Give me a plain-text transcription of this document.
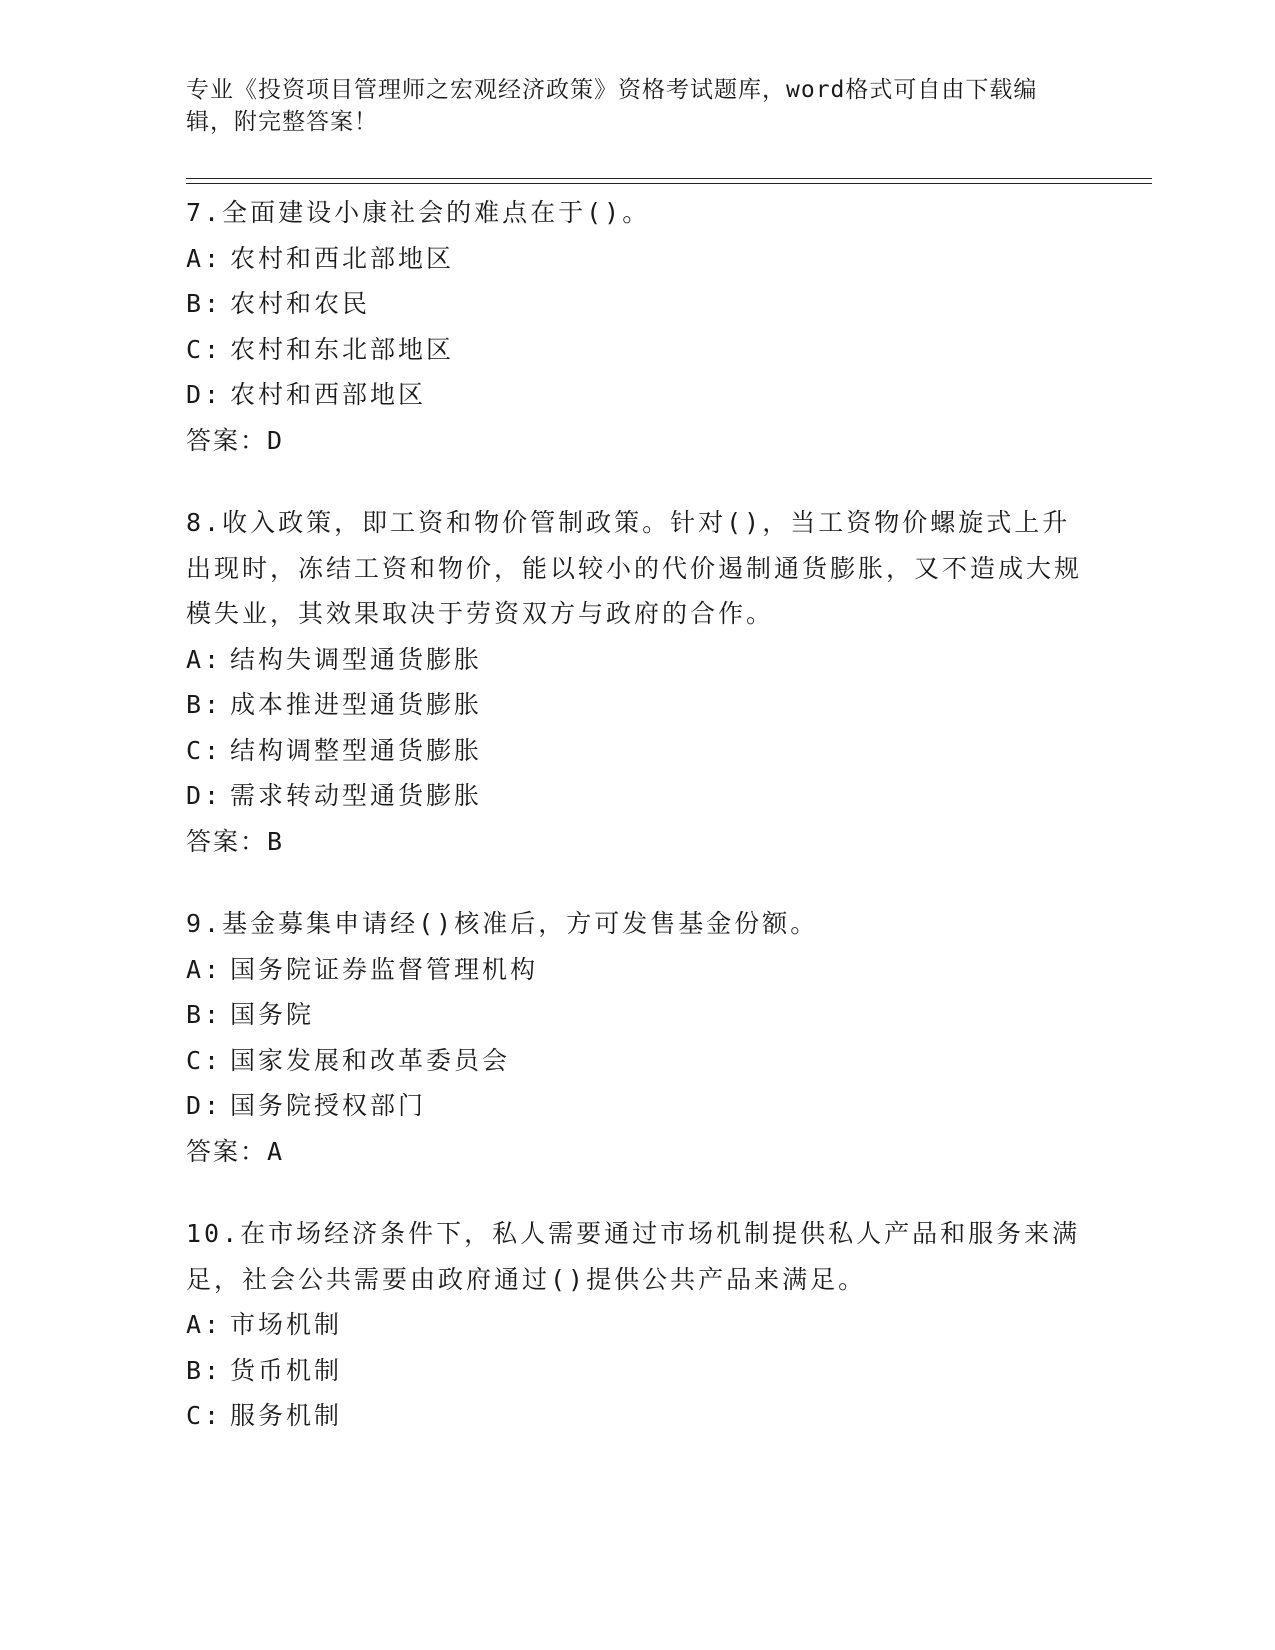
专业《投资项目管理师之宏观经济政策》资格考试题库，word格式可自由下载编辑，附完整答案！
7.全面建设小康社会的难点在于()。
A: 农村和西北部地区
B: 农村和农民
C: 农村和东北部地区
D: 农村和西部地区
答案：D
8.收入政策，即工资和物价管制政策。针对()，当工资物价螺旋式上升出现时，冻结工资和物价，能以较小的代价遏制通货膨胀，又不造成大规模失业，其效果取决于劳资双方与政府的合作。
A: 结构失调型通货膨胀
B: 成本推进型通货膨胀
C: 结构调整型通货膨胀
D: 需求转动型通货膨胀
答案：B
9.基金募集申请经()核准后，方可发售基金份额。
A: 国务院证券监督管理机构
B: 国务院
C: 国家发展和改革委员会
D: 国务院授权部门
答案：A
10.在市场经济条件下，私人需要通过市场机制提供私人产品和服务来满足，社会公共需要由政府通过()提供公共产品来满足。
A: 市场机制
B: 货币机制
C: 服务机制
